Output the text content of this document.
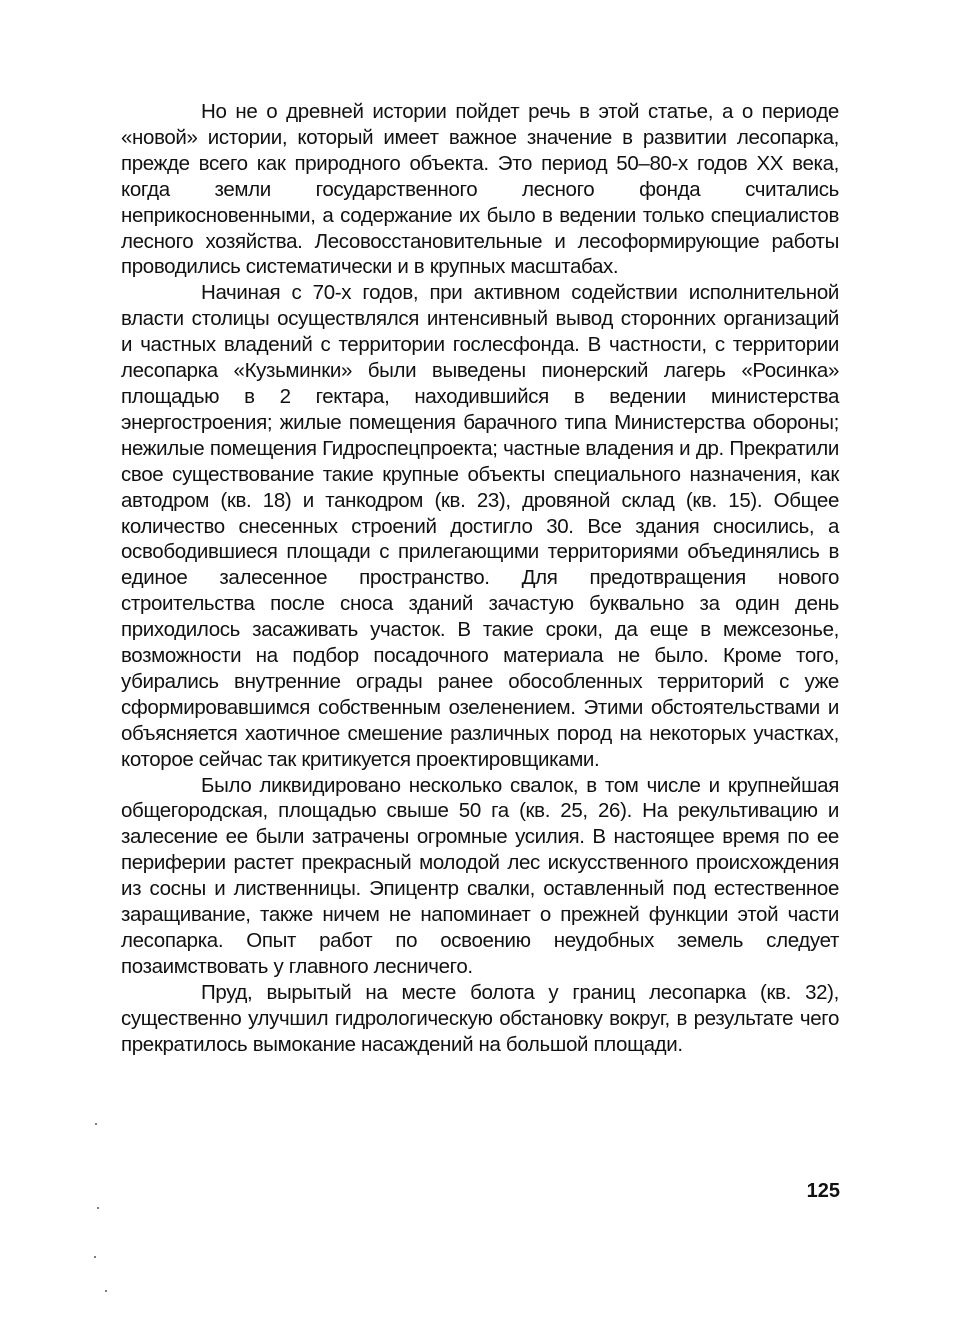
Но не о древней истории пойдет речь в этой статье, а о периоде «новой» истории, который имеет важное значение в развитии лесопарка, прежде всего как природного объекта. Это период 50–80-х годов XX века, когда земли государственного лесного фонда считались неприкосновенными, а содержание их было в ведении только специалистов лесного хозяйства. Лесовосстановительные и лесоформирующие работы проводились систематически и в крупных масштабах.

Начиная с 70-х годов, при активном содействии исполнительной власти столицы осуществлялся интенсивный вывод сторонних организаций и частных владений с территории гослесфонда. В частности, с территории лесопарка «Кузьминки» были выведены пионерский лагерь «Росинка» площадью в 2 гектара, находившийся в ведении министерства энергостроения; жилые помещения барачного типа Министерства обороны; нежилые помещения Гидроспецпроекта; частные владения и др. Прекратили свое существование такие крупные объекты специального назначения, как автодром (кв. 18) и танкодром (кв. 23), дровяной склад (кв. 15). Общее количество снесенных строений достигло 30. Все здания сносились, а освободившиеся площади с прилегающими территориями объединялись в единое залесенное пространство. Для предотвращения нового строительства после сноса зданий зачастую буквально за один день приходилось засаживать участок. В такие сроки, да еще в межсезонье, возможности на подбор посадочного материала не было. Кроме того, убирались внутренние ограды ранее обособленных территорий с уже сформировавшимся собственным озеленением. Этими обстоятельствами и объясняется хаотичное смешение различных пород на некоторых участках, которое сейчас так критикуется проектировщиками.

Было ликвидировано несколько свалок, в том числе и крупнейшая общегородская, площадью свыше 50 га (кв. 25, 26). На рекультивацию и залесение ее были затрачены огромные усилия. В настоящее время по ее периферии растет прекрасный молодой лес искусственного происхождения из сосны и лиственницы. Эпицентр свалки, оставленный под естественное заращивание, также ничем не напоминает о прежней функции этой части лесопарка. Опыт работ по освоению неудобных земель следует позаимствовать у главного лесничего.

Пруд, вырытый на месте болота у границ лесопарка (кв. 32), существенно улучшил гидрологическую обстановку вокруг, в результате чего прекратилось вымокание насаждений на большой площади.

125
